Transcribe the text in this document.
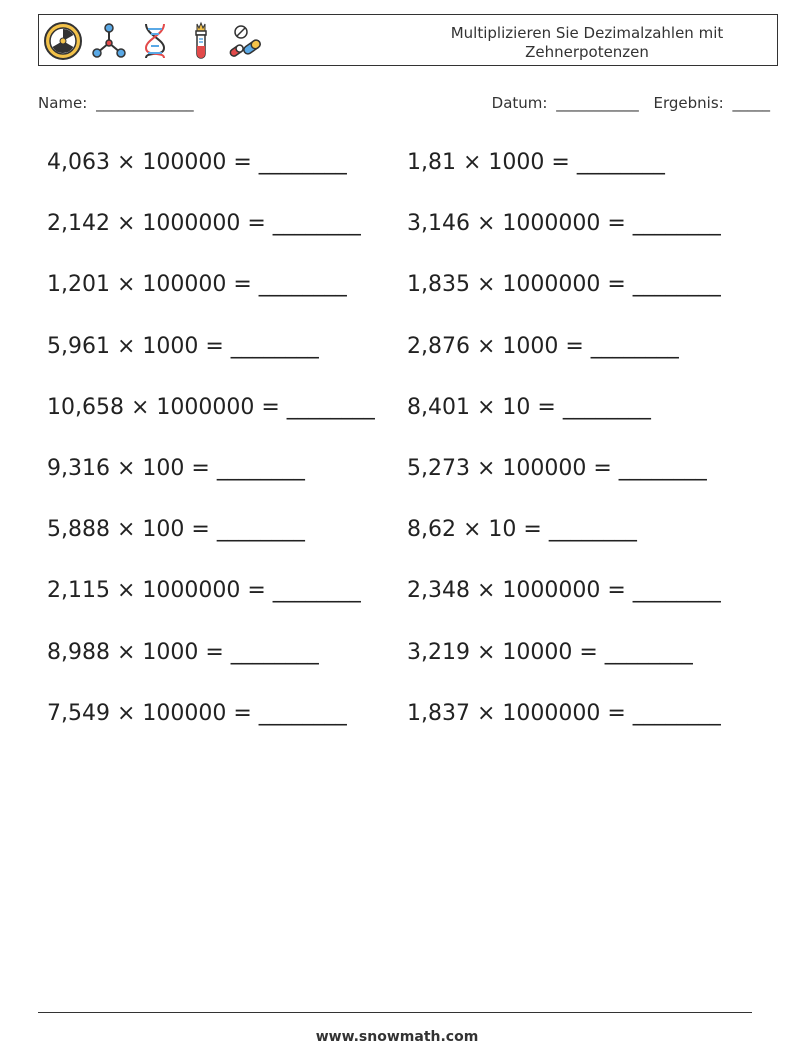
Multiplizieren Sie Dezimalzahlen mit Zehnerpotenzen
Name: _____________	Datum: ___________ Ergebnis: _____
4,063 × 100000 = ________	1,81 × 1000 = ________
2,142 × 1000000 = ________	3,146 × 1000000 = ________
1,201 × 100000 = ________	1,835 × 1000000 = ________
5,961 × 1000 = ________	2,876 × 1000 = ________
10,658 × 1000000 = ________	8,401 × 10 = ________
9,316 × 100 = ________	5,273 × 100000 = ________
5,888 × 100 = ________	8,62 × 10 = ________
2,115 × 1000000 = ________	2,348 × 1000000 = ________
8,988 × 1000 = ________	3,219 × 10000 = ________
7,549 × 100000 = ________	1,837 × 1000000 = ________
www.snowmath.com
